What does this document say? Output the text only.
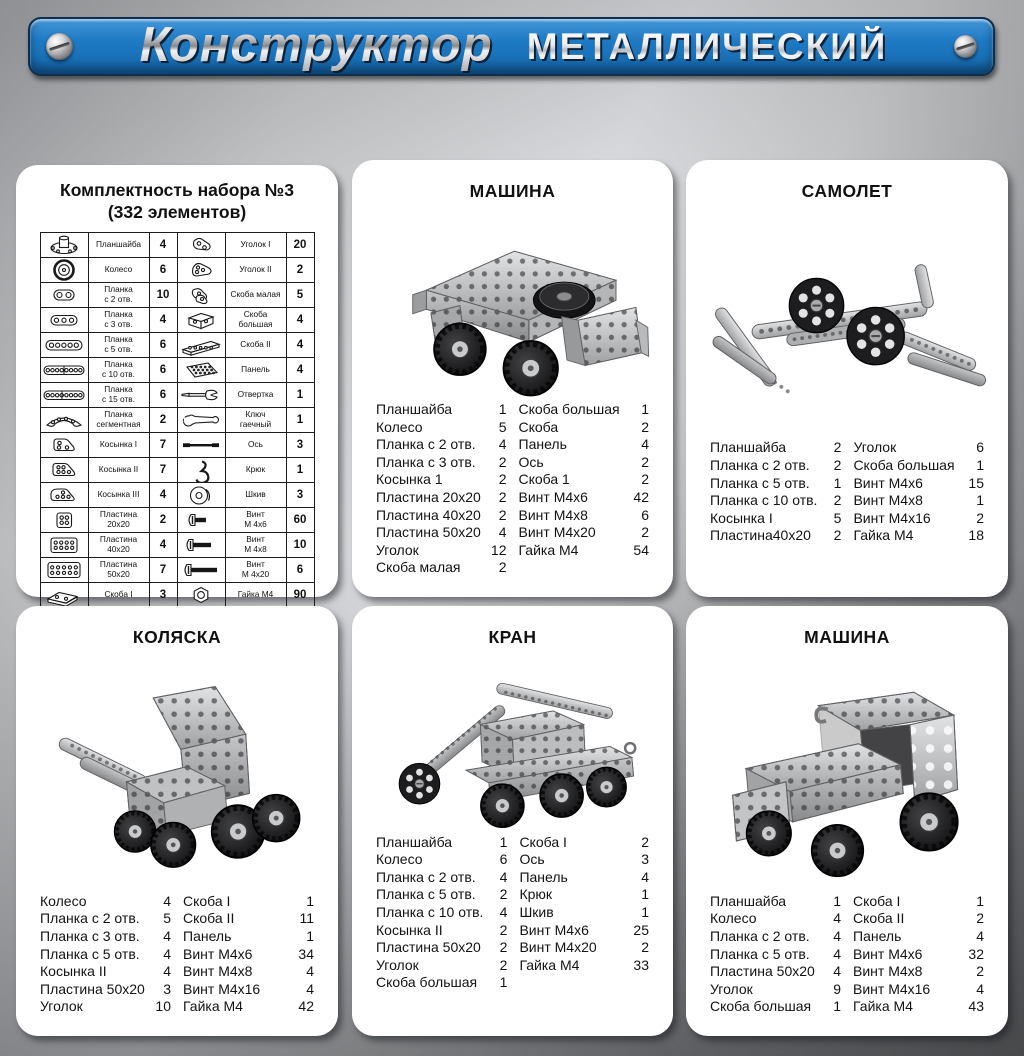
Конструктор МЕТАЛЛИЧЕСКИЙ
Комплектность набора №3
(332 элементов)
	Планшайба	4		Уголок I	20

	Колесо	6		Уголок II	2

	Планка
с 2 отв.	10		Скоба малая	5

	Планка
с 3 отв.	4		Скоба
большая	4

	Планка
с 5 отв.	6		Скоба II	4

	Планка
с 10 отв.	6		Панель	4

	Планка
с 15 отв.	6		Отвертка	1

	Планка
сегментная	2		Ключ
гаечный	1

	Косынка I	7		Ось	3

	Косынка II	7		Крюк	1

	Косынка III	4		Шкив	3

	Пластина
20x20	2		Винт
М 4x6	60

	Пластина
40x20	4		Винт
М 4x8	10

	Пластина
50x20	7		Винт
М 4x20	6

	Скоба I	3		Гайка М4	90
МАШИНА
Планшайба	1
Колесо	5
Планка с 2 отв.	4
Планка с 3 отв.	2
Косынка 1	2
Пластина 20x20	2
Пластина 40x20	2
Пластина 50x20	4
Уголок	12
Скоба малая	2
Скоба большая	1
Скоба	2
Панель	4
Ось	2
Скоба 1	2
Винт М4x6	42
Винт М4x8	6
Винт М4x20	2
Гайка М4	54
САМОЛЕТ
Планшайба	2
Планка с 2 отв.	2
Планка с 5 отв.	1
Планка с 10 отв.	2
Косынка I	5
Пластина40x20	2
Уголок	6
Скоба большая	1
Винт М4x6	15
Винт М4x8	1
Винт М4x16	2
Гайка М4	18
КОЛЯСКА
Колесо	4
Планка с 2 отв.	5
Планка с 3 отв.	4
Планка с 5 отв.	4
Косынка II	4
Пластина 50x20	3
Уголок	10
Скоба I	1
Скоба II	11
Панель	1
Винт М4x6	34
Винт М4x8	4
Винт М4x16	4
Гайка М4	42
КРАН
Планшайба	1
Колесо	6
Планка с 2 отв.	4
Планка с 5 отв.	2
Планка с 10 отв.	4
Косынка II	2
Пластина 50x20	2
Уголок	2
Скоба большая	1
Скоба I	2
Ось	3
Панель	4
Крюк	1
Шкив	1
Винт М4x6	25
Винт М4x20	2
Гайка М4	33
МАШИНА
Планшайба	1
Колесо	4
Планка с 2 отв.	4
Планка с 5 отв.	4
Пластина 50x20	4
Уголок	9
Скоба большая	1
Скоба I	1
Скоба II	2
Панель	4
Винт М4x6	32
Винт М4x8	2
Винт М4x16	4
Гайка М4	43
